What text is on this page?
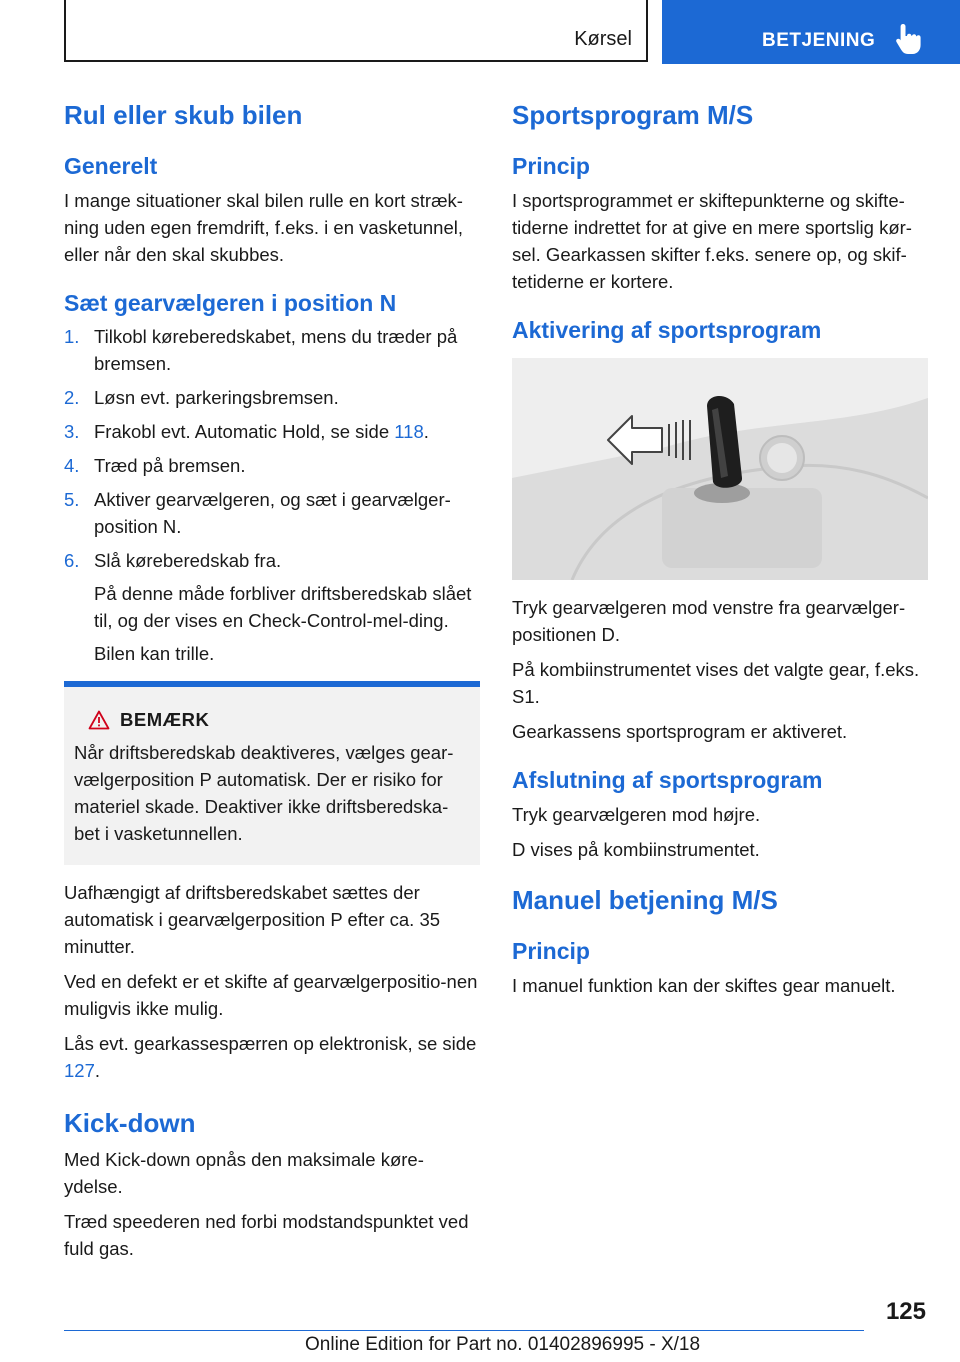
Kørsel	BETJENING
Rul eller skub bilen
Generelt

I mange situationer skal bilen rulle en kort stræk-ning uden egen fremdrift, f.eks. i en vasketunnel, eller når den skal skubbes.

Sæt gearvælgeren i position N
1. Tilkobl køreberedskabet, mens du træder på bremsen.
2. Løsn evt. parkeringsbremsen.
3. Frakobl evt. Automatic Hold, se side 118.
4. Træd på bremsen.
5. Aktiver gearvælgeren, og sæt i gearvælger-position N.
6. Slå køreberedskab fra.

På denne måde forbliver driftsberedskab slået til, og der vises en Check-Control-mel-ding.

Bilen kan trille.

BEMÆRK

Når driftsberedskab deaktiveres, vælges gear-vælgerposition P automatisk. Der er risiko for materiel skade. Deaktiver ikke driftsberedska-bet i vasketunnellen.

Uafhængigt af driftsberedskabet sættes der automatisk i gearvælgerposition P efter ca. 35 minutter.

Ved en defekt er et skifte af gearvælgerpositio-nen muligvis ikke mulig.

Lås evt. gearkassespærren op elektronisk, se side 127.

Kick-down

Med Kick-down opnås den maksimale køre-ydelse.

Træd speederen ned forbi modstandspunktet ved fuld gas.

Sportsprogram M/S
Princip

I sportsprogrammet er skiftepunkterne og skifte-tiderne indrettet for at give en mere sportslig kør-sel. Gearkassen skifter f.eks. senere op, og skif-tetiderne er kortere.

Aktivering af sportsprogram

Tryk gearvælgeren mod venstre fra gearvælger-positionen D.

På kombiinstrumentet vises det valgte gear, f.eks. S1.

Gearkassens sportsprogram er aktiveret.

Afslutning af sportsprogram

Tryk gearvælgeren mod højre.

D vises på kombiinstrumentet.

Manuel betjening M/S
Princip

I manuel funktion kan der skiftes gear manuelt.

125
Online Edition for Part no. 01402896995 - X/18
